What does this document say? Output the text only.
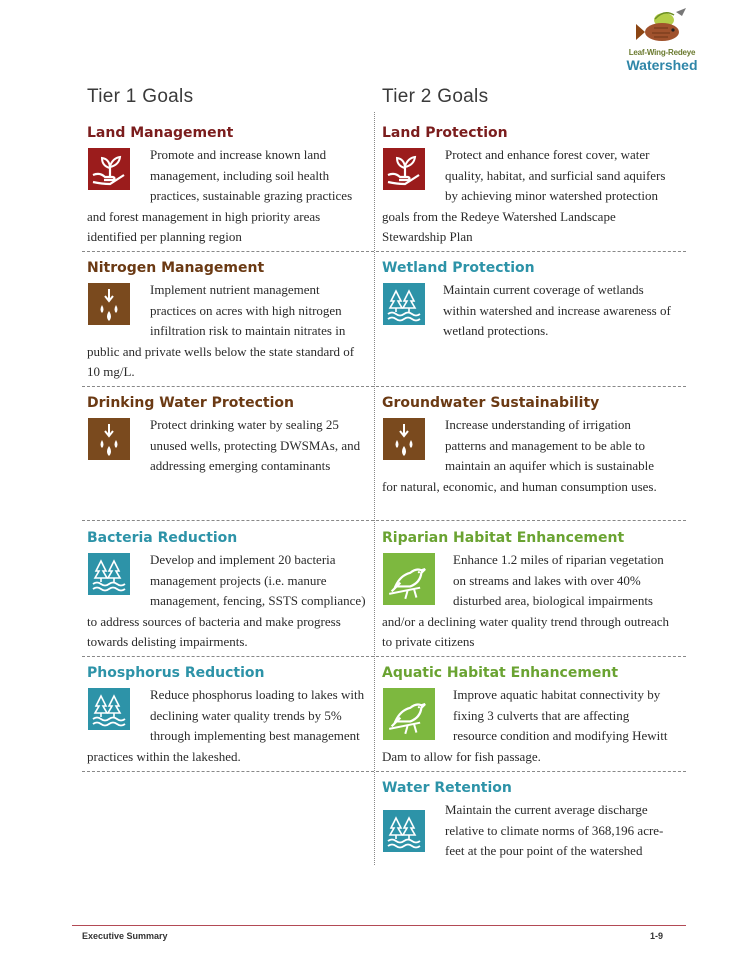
Leaf-Wing-Redeye
Watershed
Tier 1 Goals	Tier 2 Goals
Land Management
Promote and increase known land management, including soil health practices, sustainable grazing practices and forest management in high priority areas identified per planning region
Nitrogen Management
Implement nutrient management practices on acres with high nitrogen infiltration risk to maintain nitrates in public and private wells below the state standard of 10 mg/L.
Drinking Water Protection
Protect drinking water by sealing 25 unused wells, protecting DWSMAs, and addressing emerging contaminants
Bacteria Reduction
Develop and implement 20 bacteria management projects (i.e. manure management, fencing, SSTS compliance) to address sources of bacteria and make progress towards delisting impairments.
Phosphorus Reduction
Reduce phosphorus loading to lakes with declining water quality trends by 5% through implementing best management practices within the lakeshed.
Land Protection
Protect and enhance forest cover, water quality, habitat, and surficial sand aquifers by achieving minor watershed protection goals from the Redeye Watershed Landscape Stewardship Plan
Wetland Protection
Maintain current coverage of wetlands within watershed and increase awareness of wetland protections.
Groundwater Sustainability
Increase understanding of irrigation patterns and management to be able to maintain an aquifer which is sustainable for natural, economic, and human consumption uses.
Riparian Habitat Enhancement
Enhance 1.2 miles of riparian vegetation on streams and lakes with over 40% disturbed area, biological impairments and/or a declining water quality trend through outreach to private citizens
Aquatic Habitat Enhancement
Improve aquatic habitat connectivity by fixing 3 culverts that are affecting resource condition and modifying Hewitt Dam to allow for fish passage.
Water Retention
Maintain the current average discharge relative to climate norms of 368,196 acre-feet at the pour point of the watershed
Executive Summary	1-9
